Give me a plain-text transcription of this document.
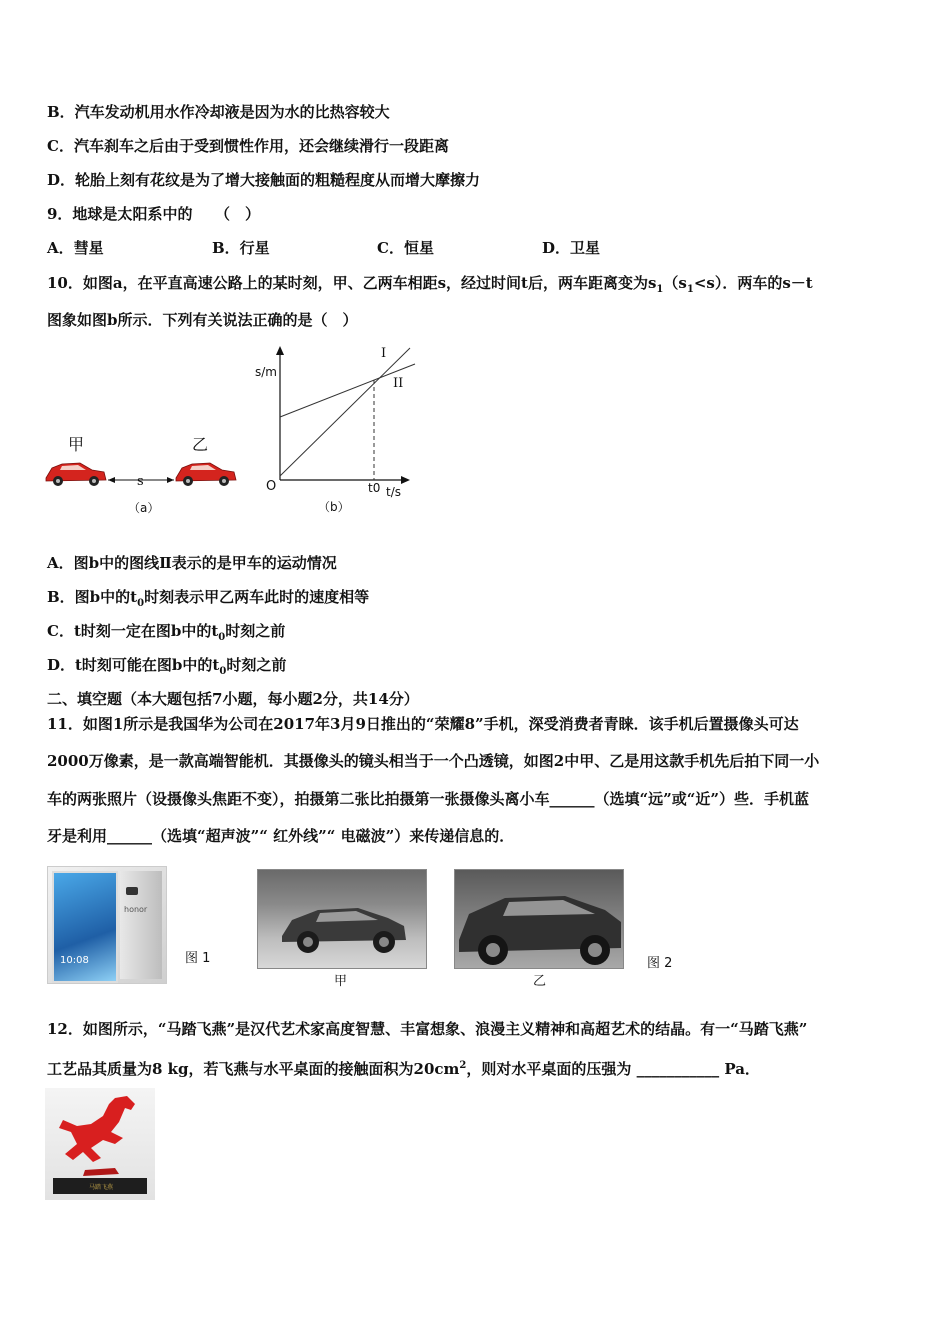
B．汽车发动机用水作冷却液是因为水的比热容较大
C．汽车刹车之后由于受到惯性作用，还会继续滑行一段距离
D．轮胎上刻有花纹是为了增大接触面的粗糙程度从而增大摩擦力
9．地球是太阳系中的　　（　）
A．彗星	B．行星	C．恒星	D．卫星
10．如图a，在平直高速公路上的某时刻，甲、乙两车相距s，经过时间t后，两车距离变为$s_1(s_1<s)$．两车的s－t
图象如图b所示．下列有关说法正确的是（　）
甲	乙
s
（a）
s/m
t/s
O	t0
I
II
（b）
A．图b中的图线Ⅱ表示的是甲车的运动情况
B．图b中的$t_0$时刻表示甲乙两车此时的速度相等
C．t时刻一定在图b中的$t_0$时刻之前
D．t时刻可能在图b中的$t_0$时刻之前
二、填空题（本大题包括7小题，每小题2分，共14分）
11．如图1所示是我国华为公司在2017年3月9日推出的“荣耀8”手机，深受消费者青睐．该手机后置摄像头可达
2000万像素，是一款高端智能机．其摄像头的镜头相当于一个凸透镜，如图2中甲、乙是用这款手机先后拍下同一小
车的两张照片（设摄像头焦距不变），拍摄第二张比拍摄第一张摄像头离小车______（选填“远”或“近”）些．手机蓝
牙是利用______（选填“超声波”“ 红外线”“ 电磁波”）来传递信息的．
10:08
honor
图 1
甲	乙
图 2
12．如图所示，“马踏飞燕”是汉代艺术家高度智慧、丰富想象、浪漫主义精神和高超艺术的结晶。有一“马踏飞燕”
工艺品其质量为8 kg，若飞燕与水平桌面的接触面积为$20cm^2$，则对水平桌面的压强为 ___________ Pa．
马踏飞燕
